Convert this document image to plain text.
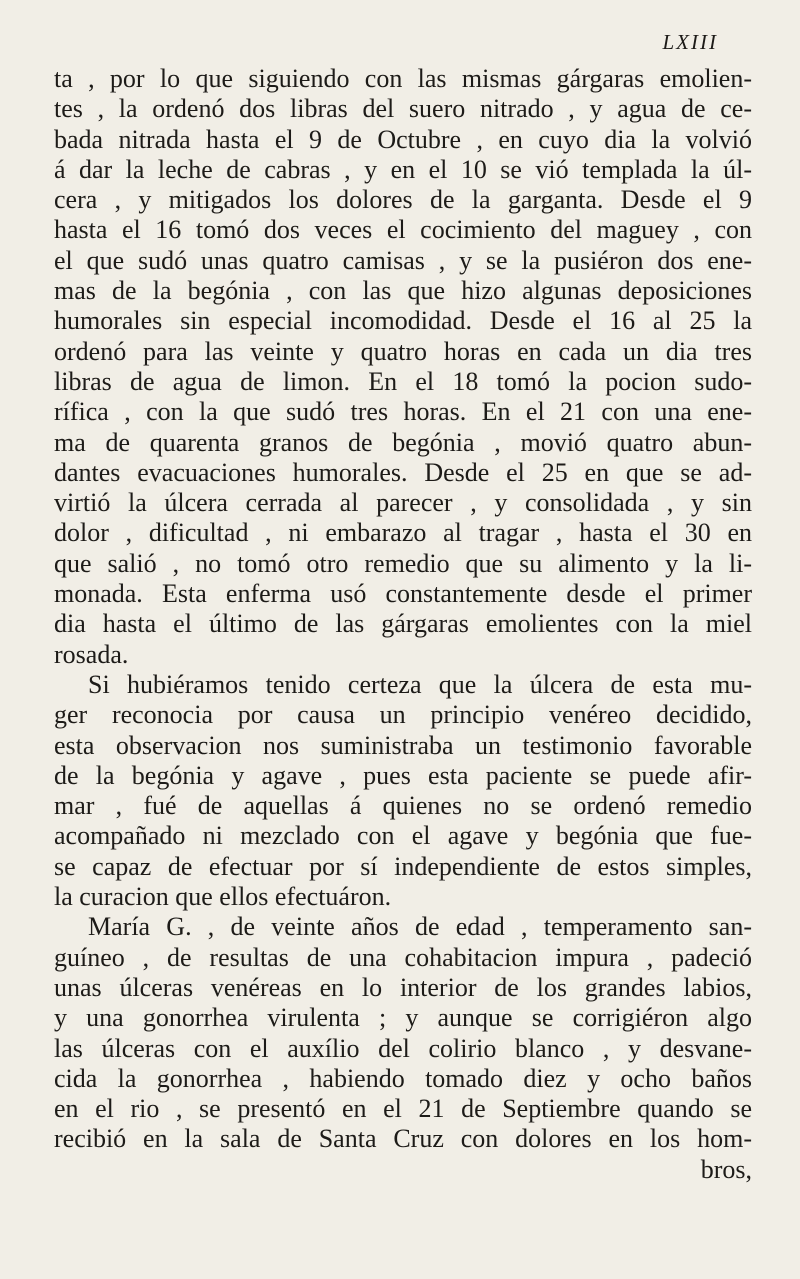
LXIII
ta , por lo que siguiendo con las mismas gárgaras emolien-
tes , la ordenó dos libras del suero nitrado , y agua de ce-
bada nitrada hasta el 9 de Octubre , en cuyo dia la volvió
á dar la leche de cabras , y en el 10 se vió templada la úl-
cera , y mitigados los dolores de la garganta. Desde el 9
hasta el 16 tomó dos veces el cocimiento del maguey , con
el que sudó unas quatro camisas , y se la pusiéron dos ene-
mas de la begónia , con las que hizo algunas deposiciones
humorales sin especial incomodidad. Desde el 16 al 25 la
ordenó para las veinte y quatro horas en cada un dia tres
libras de agua de limon. En el 18 tomó la pocion sudo-
rífica , con la que sudó tres horas. En el 21 con una ene-
ma de quarenta granos de begónia , movió quatro abun-
dantes evacuaciones humorales. Desde el 25 en que se ad-
virtió la úlcera cerrada al parecer , y consolidada , y sin
dolor , dificultad , ni embarazo al tragar , hasta el 30 en
que salió , no tomó otro remedio que su alimento y la li-
monada. Esta enferma usó constantemente desde el primer
dia hasta el último de las gárgaras emolientes con la miel
rosada.
Si hubiéramos tenido certeza que la úlcera de esta mu-
ger reconocia por causa un principio venéreo decidido,
esta observacion nos suministraba un testimonio favorable
de la begónia y agave , pues esta paciente se puede afir-
mar , fué de aquellas á quienes no se ordenó remedio
acompañado ni mezclado con el agave y begónia que fue-
se capaz de efectuar por sí independiente de estos simples,
la curacion que ellos efectuáron.
María G. , de veinte años de edad , temperamento san-
guíneo , de resultas de una cohabitacion impura , padeció
unas úlceras venéreas en lo interior de los grandes labios,
y una gonorrhea virulenta ; y aunque se corrigiéron algo
las úlceras con el auxílio del colirio blanco , y desvane-
cida la gonorrhea , habiendo tomado diez y ocho baños
en el rio , se presentó en el 21 de Septiembre quando se
recibió en la sala de Santa Cruz con dolores en los hom-
bros,
